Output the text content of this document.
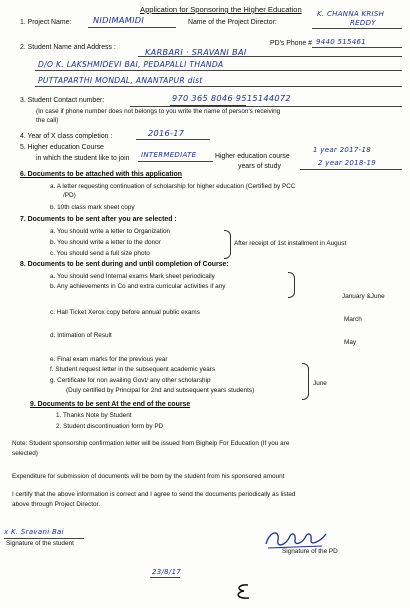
Application for Sponsoring the Higher Education
1. Project Name:	NIDIMAMIDI	Name of the Project Director:
K. CHANNA KRISH
REDDY
2. Student Name and Address :
PD's Phone # 9440 515461
KARBARI · SRAVANI BAI
D/O K. LAKSHMIDEVI BAI, PEDAPALLI THANDA
PUTTAPARTHI MONDAL, ANANTAPUR dist
3. Student Contact number:	970 365 8046 9515144072
(In case if phone number does not belongs to you write the name of person's receiving
the call)
4. Year of X class completion :	2016-17
5. Higher education Course
in which the student like to join INTERMEDIATE	Higher education course
years of study
1 year 2017-18
2 year 2018-19
6. Documents to be attached with this application
a. A letter requesting continuation of scholarship for higher education (Certified by PCC
/PD)
b. 10th class mark sheet copy
7. Documents to be sent after you are selected :
a. You should write a letter to Organization
b. You should write a letter to the donor
c. You should send a full size photo
After receipt of 1st installment in August
8. Documents to be sent during and until completion of Course:
a. You should send Internal exams Mark sheet periodically
b. Any achievements in Co and extra curricular activities if any
January &June
c. Hall Ticket Xerox copy before annual public exams
March
d. Intimation of Result
May
e. Final exam marks for the previous year
f. Student request letter in the subsequent academic years
g. Certificate for non availing Govt/ any other scholarship
(Duly certified by Principal for 2nd and subsequent years students)
June
9. Documents to be sent At the end of the course
1. Thanks Note by Student
2. Student discontinuation form by PD
Note: Student sponsorship confirmation letter will be issued from Bighelp For Education (If you are
selected)
Expenditure for submission of documents will be born by the student from his sponsored amount
I certify that the above information is correct and I agree to send the documents periodically as listed
above through Project Director.
x K. Sravani Bai
Signature of the student
Signature of the PD
23/8/17
